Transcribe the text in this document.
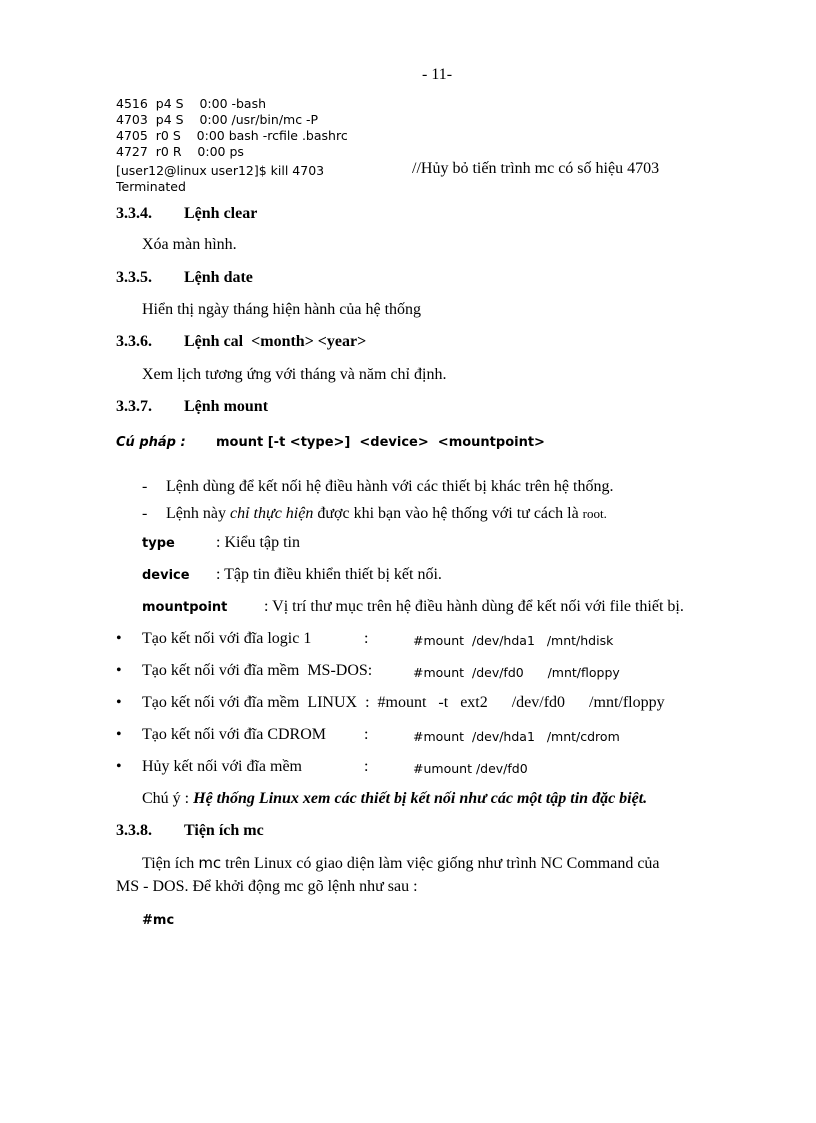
- 11-
4516  p4 S    0:00 -bash
4703  p4 S    0:00 /usr/bin/mc -P
4705  r0 S    0:00 bash -rcfile .bashrc
4727  r0 R    0:00 ps
[user12@linux user12]$ kill 4703
Terminated
//Hủy bỏ tiến trình mc có số hiệu 4703
3.3.4. Lệnh clear
Xóa màn hình.
3.3.5. Lệnh date
Hiển thị ngày tháng hiện hành của hệ thống
3.3.6. Lệnh cal  <month> <year>
Xem lịch tương ứng với tháng và năm chỉ định.
3.3.7. Lệnh mount
Cú pháp : mount [-t <type>]  <device>  <mountpoint>
- Lệnh dùng để kết nối hệ điều hành với các thiết bị khác trên hệ thống.
- Lệnh này chỉ thực hiện được khi bạn vào hệ thống với tư cách là root.
type	: Kiểu tập tin
device : Tập tin điều khiển thiết bị kết nối.
mountpoint : Vị trí thư mục trên hệ điều hành dùng để kết nối với file thiết bị.
• Tạo kết nối với đĩa logic 1	:	#mount  /dev/hda1   /mnt/hdisk
• Tạo kết nối với đĩa mềm  MS-DOS:	#mount  /dev/fd0      /mnt/floppy
• Tạo kết nối với đĩa mềm  LINUX  :  #mount   -t   ext2      /dev/fd0      /mnt/floppy
• Tạo kết nối với đĩa CDROM :	#mount  /dev/hda1   /mnt/cdrom
• Hủy kết nối với đĩa mềm	:	#umount /dev/fd0
Chú ý : Hệ thống Linux xem các thiết bị kết nối như các một tập tin đặc biệt.
3.3.8. Tiện ích mc
Tiện ích mc trên Linux có giao diện làm việc giống như trình NC Command của
MS - DOS. Để khởi động mc gõ lệnh như sau :
#mc
